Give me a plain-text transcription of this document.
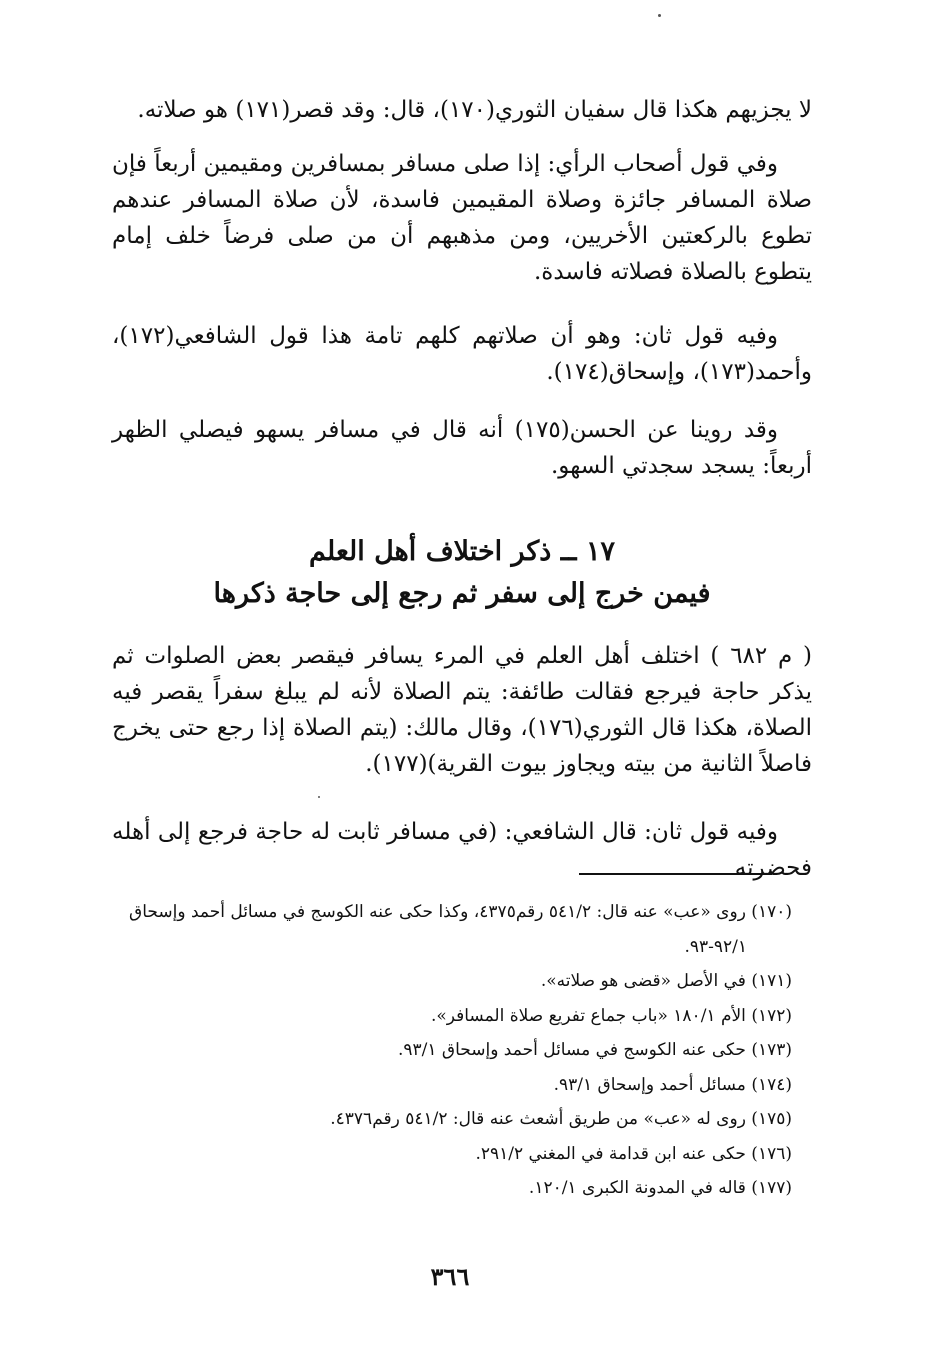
لا يجزيهم هكذا قال سفيان الثوري(١٧٠)، قال: وقد قصر(١٧١) هو صلاته.

وفي قول أصحاب الرأي: إذا صلى مسافر بمسافرين ومقيمين أربعاً فإن صلاة المسافر جائزة وصلاة المقيمين فاسدة، لأن صلاة المسافر عندهم تطوع بالركعتين الأخريين، ومن مذهبهم أن من صلى فرضاً خلف إمام يتطوع بالصلاة فصلاته فاسدة.

وفيه قول ثان: وهو أن صلاتهم كلهم تامة هذا قول الشافعي(١٧٢)، وأحمد(١٧٣)، وإسحاق(١٧٤).

وقد روينا عن الحسن(١٧٥) أنه قال في مسافر يسهو فيصلي الظهر أربعاً: يسجد سجدتي السهو.

١٧ ــ ذكر اختلاف أهل العلم
فيمن خرج إلى سفر ثم رجع إلى حاجة ذكرها

( م ٦٨٢ ) اختلف أهل العلم في المرء يسافر فيقصر بعض الصلوات ثم يذكر حاجة فيرجع فقالت طائفة: يتم الصلاة لأنه لم يبلغ سفراً يقصر فيه الصلاة، هكذا قال الثوري(١٧٦)، وقال مالك: (يتم الصلاة إذا رجع حتى يخرج فاصلاً الثانية من بيته ويجاوز بيوت القرية)(١٧٧).

وفيه قول ثان: قال الشافعي: (في مسافر ثابت له حاجة فرجع إلى أهله فحضرته

(١٧٠) روى «عب» عنه قال: ٥٤١/٢ رقم٤٣٧٥، وكذا حكى عنه الكوسج في مسائل أحمد وإسحاق ٩٢/١-٩٣.

(١٧١) في الأصل «قضى هو صلاته».

(١٧٢) الأم ١٨٠/١ «باب جماع تفريع صلاة المسافر».

(١٧٣) حكى عنه الكوسج في مسائل أحمد وإسحاق ٩٣/١.

(١٧٤) مسائل أحمد وإسحاق ٩٣/١.

(١٧٥) روى له «عب» من طريق أشعث عنه قال: ٥٤١/٢ رقم٤٣٧٦.

(١٧٦) حكى عنه ابن قدامة في المغني ٢٩١/٢.

(١٧٧) قاله في المدونة الكبرى ١٢٠/١.

٣٦٦
